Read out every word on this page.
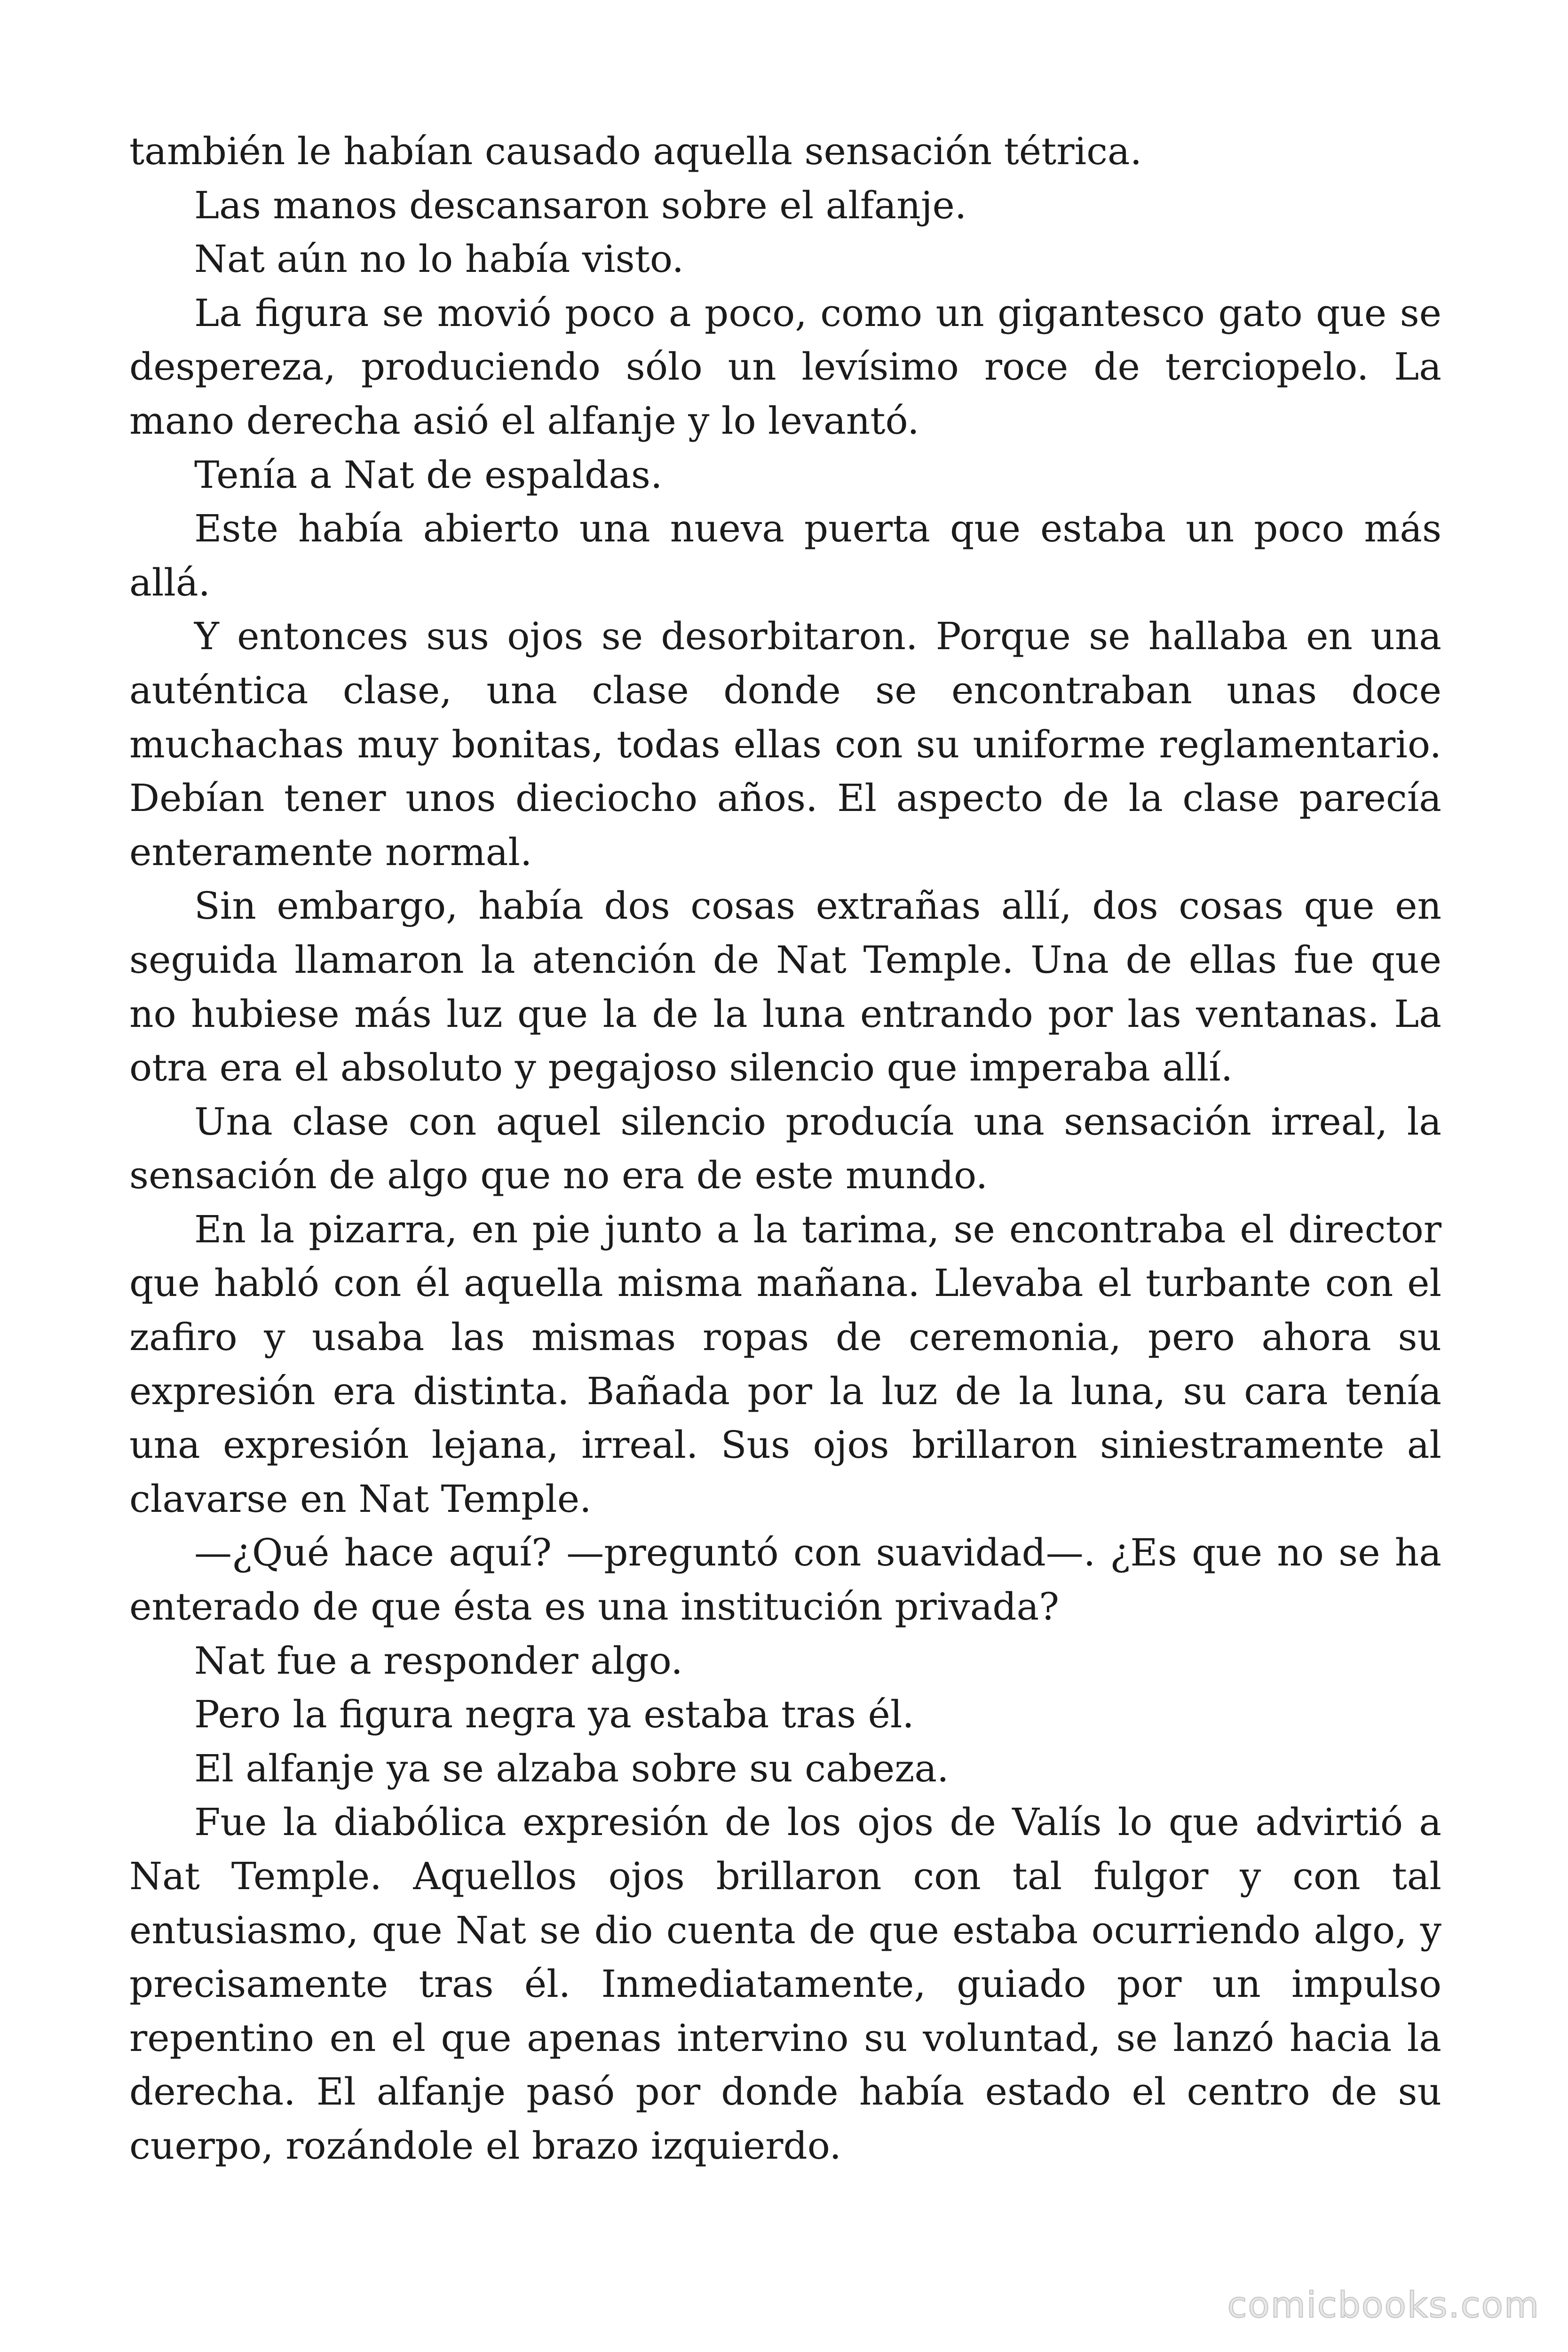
también le habían causado aquella sensación tétrica.
Las manos descansaron sobre el alfanje.
Nat aún no lo había visto.
La figura se movió poco a poco, como un gigantesco gato que se
despereza, produciendo sólo un levísimo roce de terciopelo. La
mano derecha asió el alfanje y lo levantó.
Tenía a Nat de espaldas.
Este había abierto una nueva puerta que estaba un poco más
allá.
Y entonces sus ojos se desorbitaron. Porque se hallaba en una
auténtica clase, una clase donde se encontraban unas doce
muchachas muy bonitas, todas ellas con su uniforme reglamentario.
Debían tener unos dieciocho años. El aspecto de la clase parecía
enteramente normal.
Sin embargo, había dos cosas extrañas allí, dos cosas que en
seguida llamaron la atención de Nat Temple. Una de ellas fue que
no hubiese más luz que la de la luna entrando por las ventanas. La
otra era el absoluto y pegajoso silencio que imperaba allí.
Una clase con aquel silencio producía una sensación irreal, la
sensación de algo que no era de este mundo.
En la pizarra, en pie junto a la tarima, se encontraba el director
que habló con él aquella misma mañana. Llevaba el turbante con el
zafiro y usaba las mismas ropas de ceremonia, pero ahora su
expresión era distinta. Bañada por la luz de la luna, su cara tenía
una expresión lejana, irreal. Sus ojos brillaron siniestramente al
clavarse en Nat Temple.
—¿Qué hace aquí? —preguntó con suavidad—. ¿Es que no se ha
enterado de que ésta es una institución privada?
Nat fue a responder algo.
Pero la figura negra ya estaba tras él.
El alfanje ya se alzaba sobre su cabeza.
Fue la diabólica expresión de los ojos de Valís lo que advirtió a
Nat Temple. Aquellos ojos brillaron con tal fulgor y con tal
entusiasmo, que Nat se dio cuenta de que estaba ocurriendo algo, y
precisamente tras él. Inmediatamente, guiado por un impulso
repentino en el que apenas intervino su voluntad, se lanzó hacia la
derecha. El alfanje pasó por donde había estado el centro de su
cuerpo, rozándole el brazo izquierdo.
comicbooks.com
